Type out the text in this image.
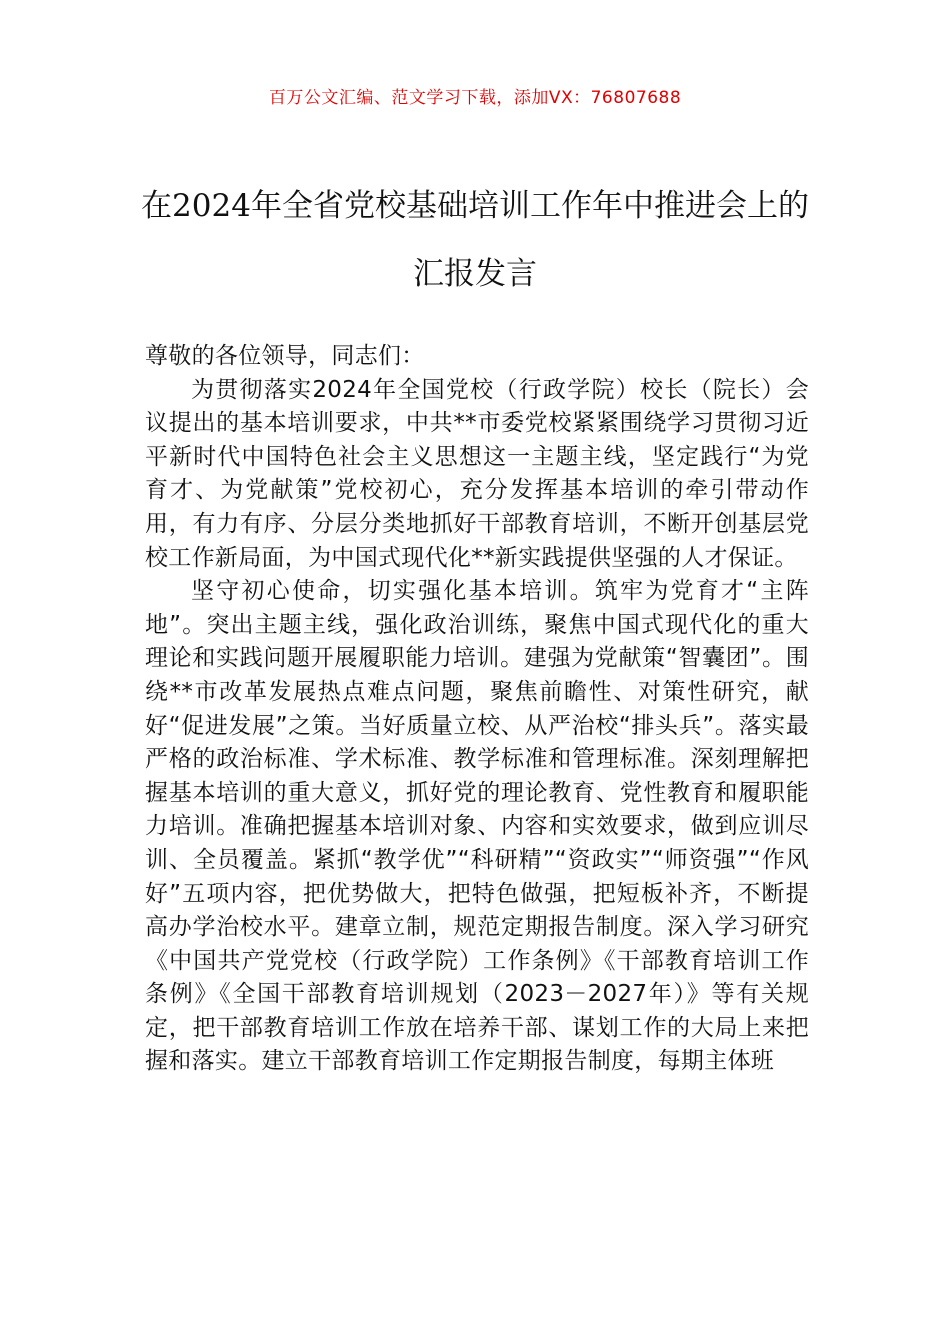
百万公文汇编、范文学习下载，添加VX：76807688
在2024年全省党校基础培训工作年中推进会上的汇报发言

尊敬的各位领导，同志们：

为贯彻落实2024年全国党校（行政学院）校长（院长）会议提出的基本培训要求，中共**市委党校紧紧围绕学习贯彻习近平新时代中国特色社会主义思想这一主题主线，坚定践行“为党育才、为党献策”党校初心，充分发挥基本培训的牵引带动作用，有力有序、分层分类地抓好干部教育培训，不断开创基层党校工作新局面，为中国式现代化**新实践提供坚强的人才保证。

坚守初心使命，切实强化基本培训。筑牢为党育才“主阵地”。突出主题主线，强化政治训练，聚焦中国式现代化的重大理论和实践问题开展履职能力培训。建强为党献策“智囊团”。围绕**市改革发展热点难点问题，聚焦前瞻性、对策性研究，献好“促进发展”之策。当好质量立校、从严治校“排头兵”。落实最严格的政治标准、学术标准、教学标准和管理标准。深刻理解把握基本培训的重大意义，抓好党的理论教育、党性教育和履职能力培训。准确把握基本培训对象、内容和实效要求，做到应训尽训、全员覆盖。紧抓“教学优”“科研精”“资政实”“师资强”“作风好”五项内容，把优势做大，把特色做强，把短板补齐，不断提高办学治校水平。建章立制，规范定期报告制度。深入学习研究《中国共产党党校（行政学院）工作条例》《干部教育培训工作条例》《全国干部教育培训规划（2023－2027年）》等有关规定，把干部教育培训工作放在培养干部、谋划工作的大局上来把握和落实。建立干部教育培训工作定期报告制度，每期主体班
